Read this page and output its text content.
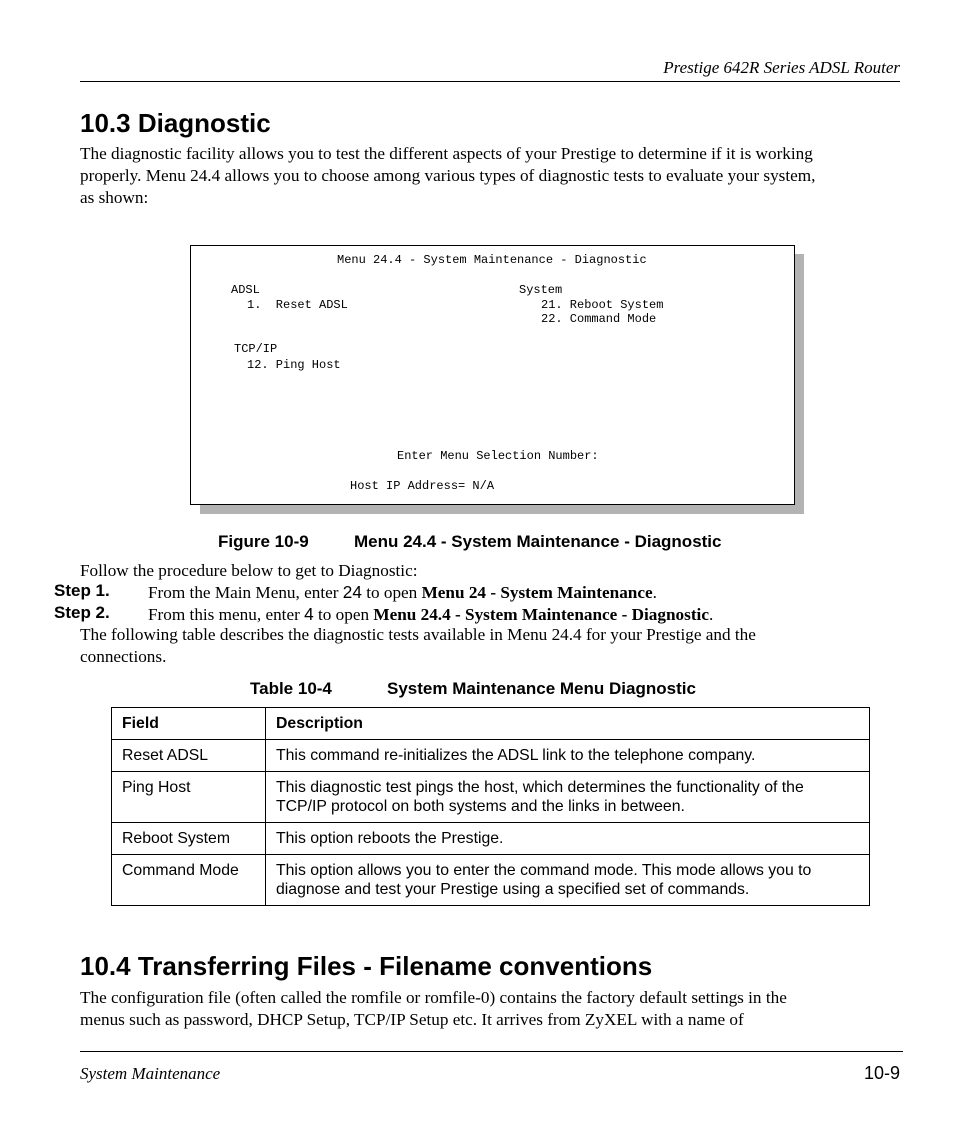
Prestige 642R Series ADSL Router
10.3 Diagnostic
The diagnostic facility allows you to test the different aspects of your Prestige to determine if it is working
properly. Menu 24.4 allows you to choose among various types of diagnostic tests to evaluate your system,
as shown:
Menu 24.4 - System Maintenance - Diagnostic
ADSL
1.  Reset ADSL
System
21. Reboot System
22. Command Mode
TCP/IP
12. Ping Host
Enter Menu Selection Number:
Host IP Address= N/A
Figure 10-9	Menu 24.4 - System Maintenance - Diagnostic
Follow the procedure below to get to Diagnostic:
Step 1. From the Main Menu, enter 24 to open Menu 24 - System Maintenance.
Step 2. From this menu, enter 4 to open Menu 24.4 - System Maintenance - Diagnostic.
The following table describes the diagnostic tests available in Menu 24.4 for your Prestige and the
connections.
Table 10-4	System Maintenance Menu Diagnostic
Field	Description
Reset ADSL	This command re-initializes the ADSL link to the telephone company.
Ping Host	This diagnostic test pings the host, which determines the functionality of the
TCP/IP protocol on both systems and the links in between.

Reboot System	This option reboots the Prestige.
Command Mode	This option allows you to enter the command mode. This mode allows you to
diagnose and test your Prestige using a specified set of commands.
10.4 Transferring Files - Filename conventions
The configuration file (often called the romfile or romfile-0) contains the factory default settings in the
menus such as password, DHCP Setup, TCP/IP Setup etc. It arrives from ZyXEL with a name of
System Maintenance	10-9
